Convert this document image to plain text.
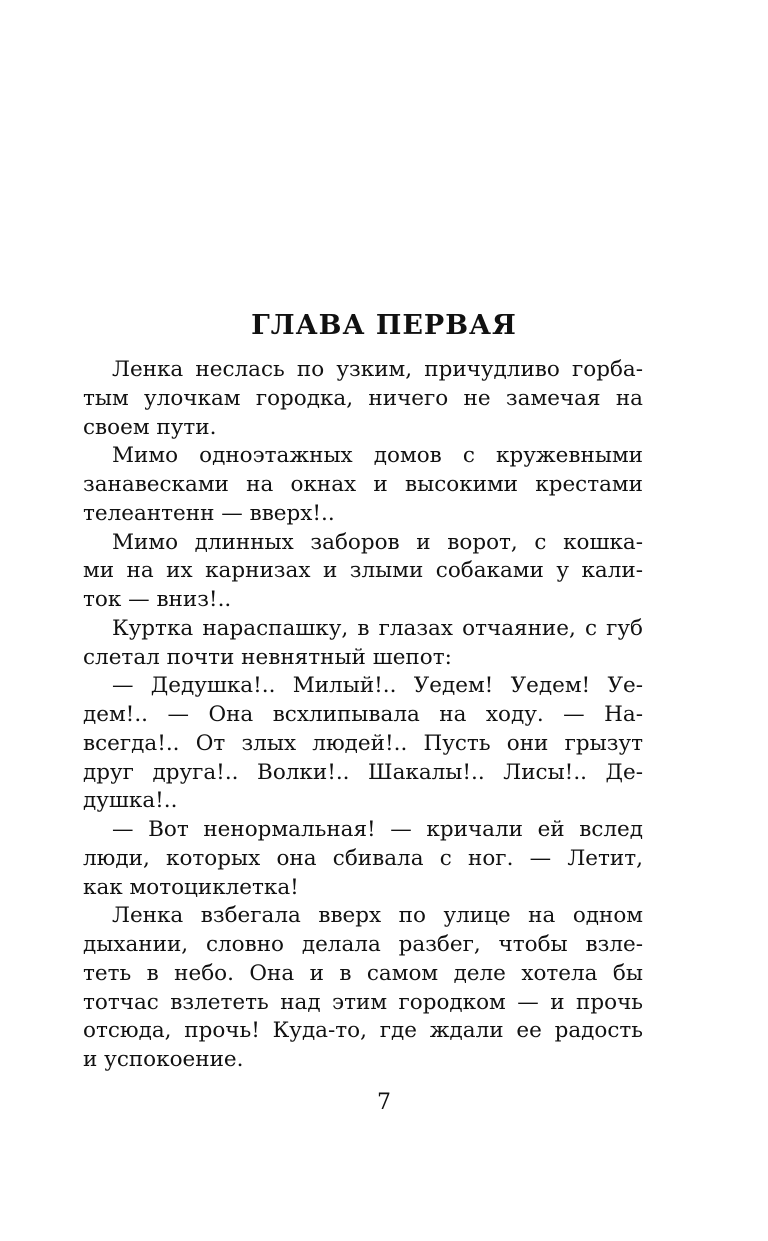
ГЛАВА ПЕРВАЯ
Ленка неслась по узким, причудливо горба-
тым улочкам городка, ничего не замечая на
своем пути.
Мимо одноэтажных домов с кружевными
занавесками на окнах и высокими крестами
телеантенн — вверх!..
Мимо длинных заборов и ворот, с кошка-
ми на их карнизах и злыми собаками у кали-
ток — вниз!..
Куртка нараспашку, в глазах отчаяние, с губ
слетал почти невнятный шепот:
— Дедушка!.. Милый!.. Уедем! Уедем! Уе-
дем!.. — Она всхлипывала на ходу. — На-
всегда!.. От злых людей!.. Пусть они грызут
друг друга!.. Волки!.. Шакалы!.. Лисы!.. Де-
душка!..
— Вот ненормальная! — кричали ей вслед
люди, которых она сбивала с ног. — Летит,
как мотоциклетка!
Ленка взбегала вверх по улице на одном
дыхании, словно делала разбег, чтобы взле-
теть в небо. Она и в самом деле хотела бы
тотчас взлететь над этим городком — и прочь
отсюда, прочь! Куда-то, где ждали ее радость
и успокоение.
7
